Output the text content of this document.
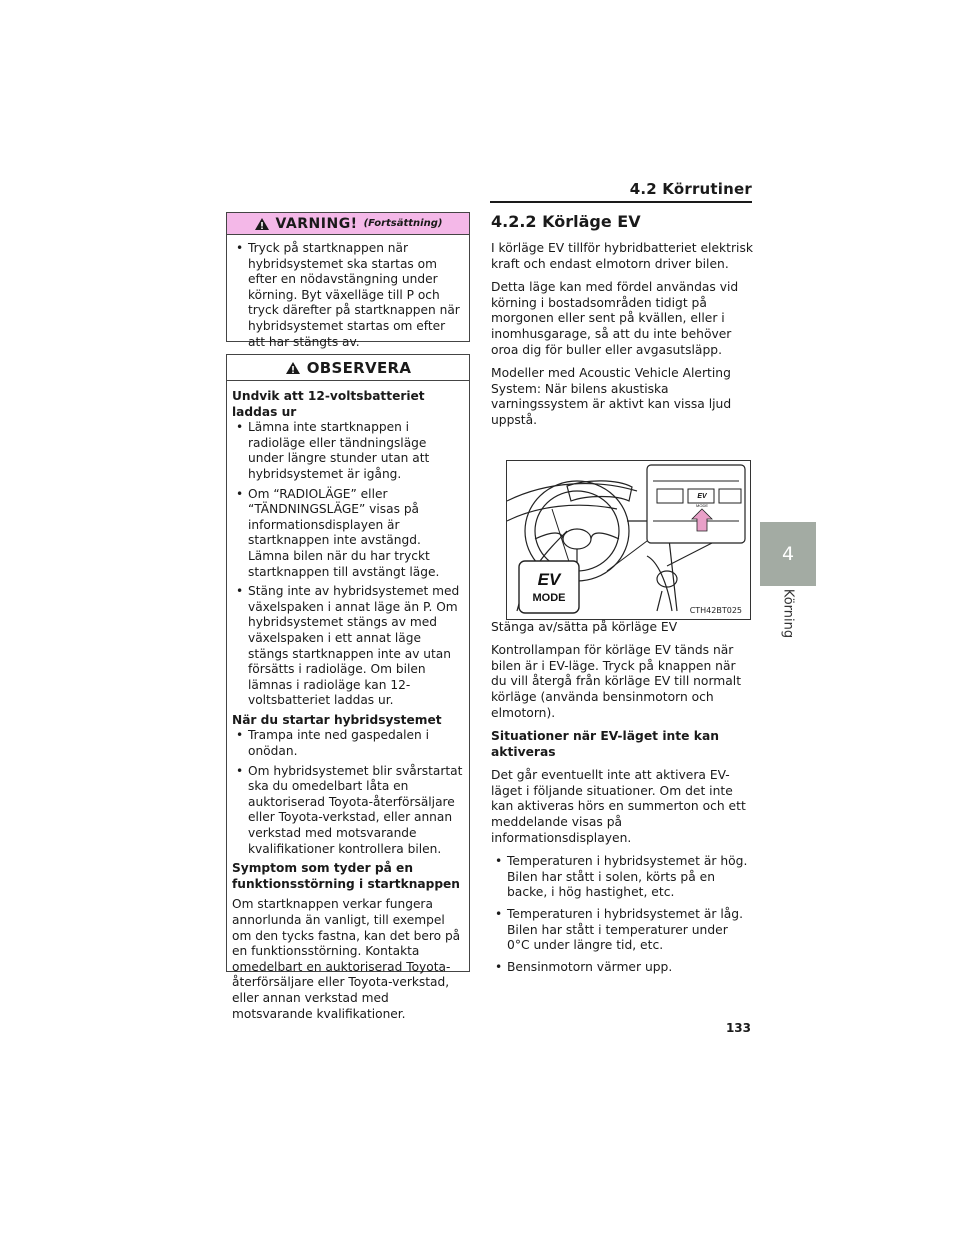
4.2 Körrutiner
4
Körning
VARNING! (Fortsättning)
• Tryck på startknappen när hybridsystemet ska startas om efter en nödavstängning under körning. Byt växelläge till P och tryck därefter på startknappen när hybridsystemet startas om efter att har stängts av.
OBSERVERA
Undvik att 12-voltsbatteriet laddas ur
• Lämna inte startknappen i radioläge eller tändningsläge under längre stunder utan att hybridsystemet är igång.
• Om “RADIOLÄGE” eller “TÄNDNINGSLÄGE” visas på informationsdisplayen är startknappen inte avstängd. Lämna bilen när du har tryckt startknappen till avstängt läge.
• Stäng inte av hybridsystemet med växelspaken i annat läge än P. Om hybridsystemet stängs av med växelspaken i ett annat läge stängs startknappen inte av utan försätts i radioläge. Om bilen lämnas i radioläge kan 12-voltsbatteriet laddas ur.
När du startar hybridsystemet
• Trampa inte ned gaspedalen i onödan.
• Om hybridsystemet blir svårstartat ska du omedelbart låta en auktoriserad Toyota-återförsäljare eller Toyota-verkstad, eller annan verkstad med motsvarande kvalifikationer kontrollera bilen.
Symptom som tyder på en funktionsstörning i startknappen
Om startknappen verkar fungera annorlunda än vanligt, till exempel om den tycks fastna, kan det bero på en funktionsstörning. Kontakta omedelbart en auktoriserad Toyota-återförsäljare eller Toyota-verkstad, eller annan verkstad med motsvarande kvalifikationer.
4.2.2 Körläge EV

I körläge EV tillför hybridbatteriet elektrisk kraft och endast elmotorn driver bilen.

Detta läge kan med fördel användas vid körning i bostadsområden tidigt på morgonen eller sent på kvällen, eller i inomhusgarage, så att du inte behöver oroa dig för buller eller avgasutsläpp.

Modeller med Acoustic Vehicle Alerting System: När bilens akustiska varningssystem är aktivt kan vissa ljud uppstå.

Stänga av/sätta på körläge EV

Kontrollampan för körläge EV tänds när bilen är i EV-läge. Tryck på knappen när du vill återgå från körläge EV till normalt körläge (använda bensinmotorn och elmotorn).

Situationer när EV-läget inte kan aktiveras

Det går eventuellt inte att aktivera EV-läget i följande situationer. Om det inte kan aktiveras hörs en summerton och ett meddelande visas på informationsdisplayen.

• Temperaturen i hybridsystemet är hög. Bilen har stått i solen, körts på en backe, i hög hastighet, etc.
• Temperaturen i hybridsystemet är låg. Bilen har stått i temperaturer under 0°C under längre tid, etc.
• Bensinmotorn värmer upp.
EV
MODE
EV
MODE
CTH42BT025
133
